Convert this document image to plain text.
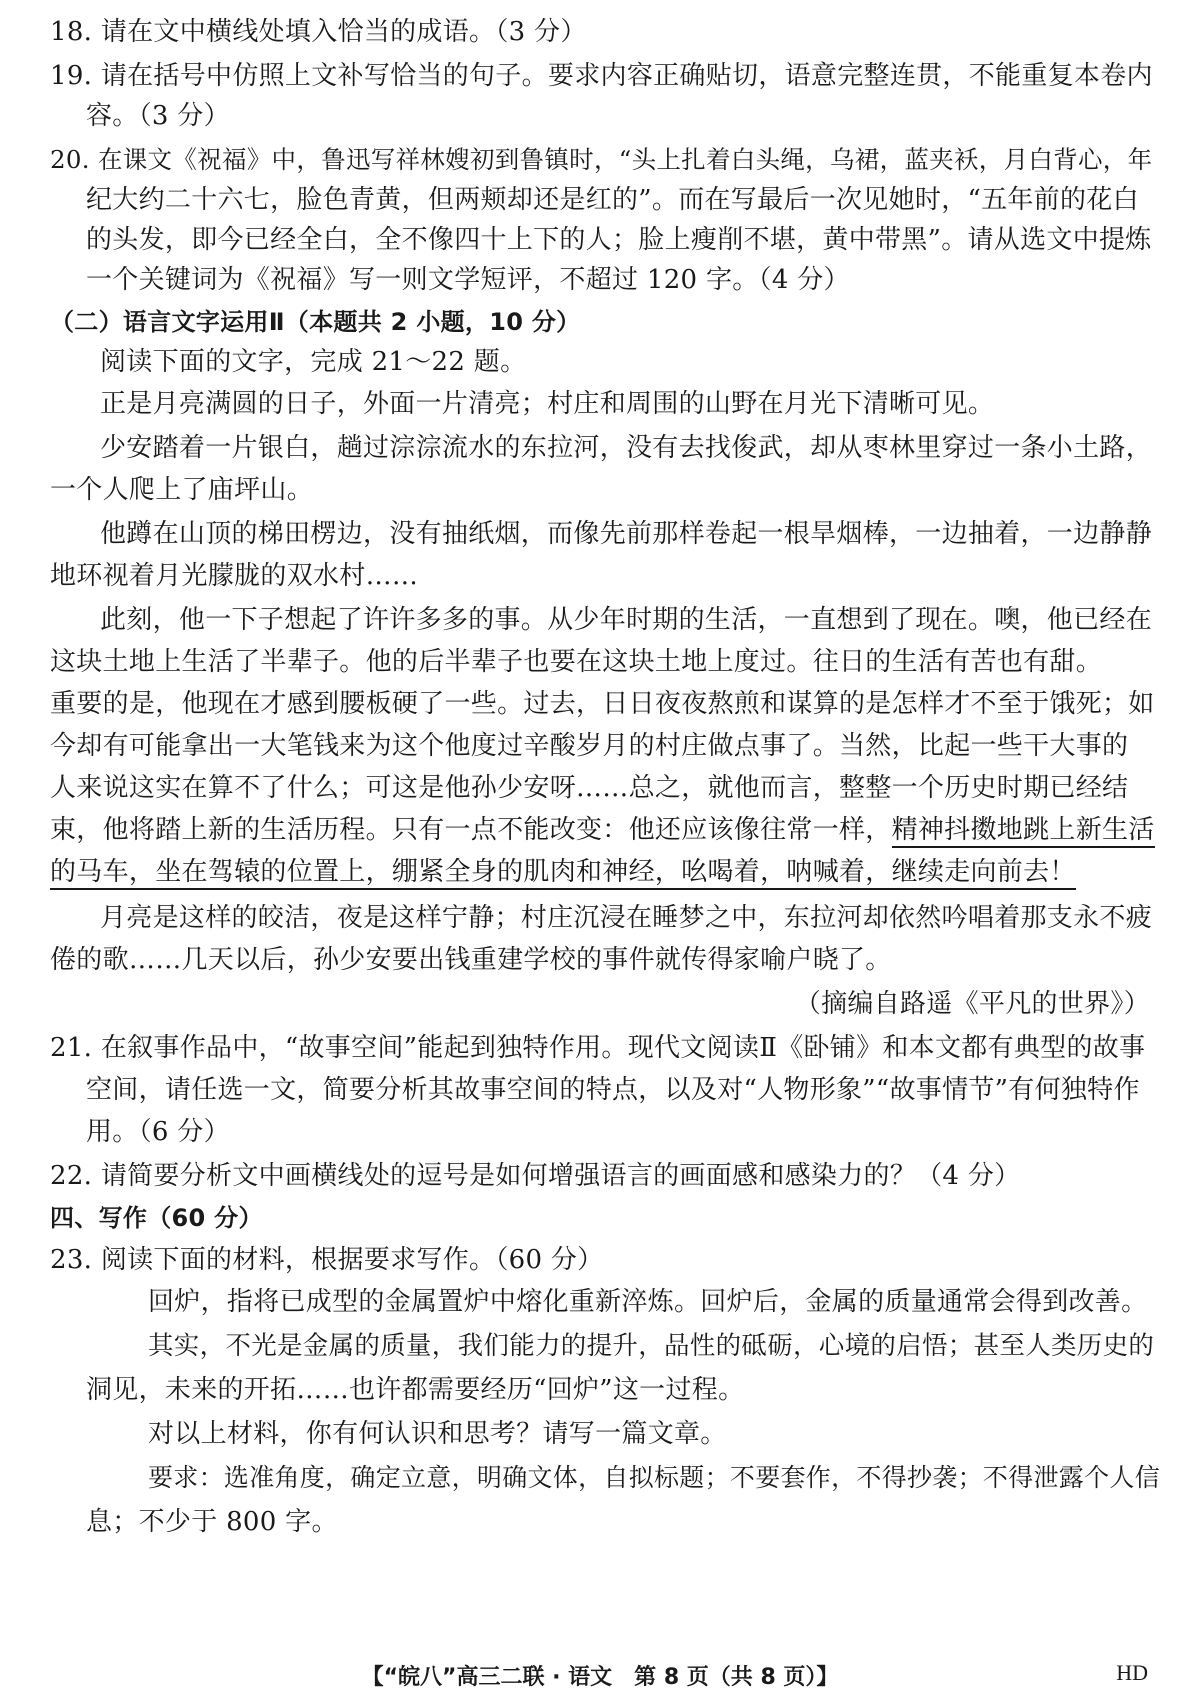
18. 请在文中横线处填入恰当的成语。（3 分）
19. 请在括号中仿照上文补写恰当的句子。要求内容正确贴切，语意完整连贯，不能重复本卷内
容。（3 分）
20. 在课文《祝福》中，鲁迅写祥林嫂初到鲁镇时，“头上扎着白头绳，乌裙，蓝夹袄，月白背心，年
纪大约二十六七，脸色青黄，但两颊却还是红的”。而在写最后一次见她时，“五年前的花白
的头发，即今已经全白，全不像四十上下的人；脸上瘦削不堪，黄中带黑”。请从选文中提炼
一个关键词为《祝福》写一则文学短评，不超过 120 字。（4 分）
（二）语言文字运用Ⅱ（本题共 2 小题，10 分）
阅读下面的文字，完成 21～22 题。
正是月亮满圆的日子，外面一片清亮；村庄和周围的山野在月光下清晰可见。
少安踏着一片银白，趟过淙淙流水的东拉河，没有去找俊武，却从枣林里穿过一条小土路，
一个人爬上了庙坪山。
他蹲在山顶的梯田楞边，没有抽纸烟，而像先前那样卷起一根旱烟棒，一边抽着，一边静静
地环视着月光朦胧的双水村……
此刻，他一下子想起了许许多多的事。从少年时期的生活，一直想到了现在。噢，他已经在
这块土地上生活了半辈子。他的后半辈子也要在这块土地上度过。往日的生活有苦也有甜。
重要的是，他现在才感到腰板硬了一些。过去，日日夜夜熬煎和谋算的是怎样才不至于饿死；如
今却有可能拿出一大笔钱来为这个他度过辛酸岁月的村庄做点事了。当然，比起一些干大事的
人来说这实在算不了什么；可这是他孙少安呀……总之，就他而言，整整一个历史时期已经结
束，他将踏上新的生活历程。只有一点不能改变：他还应该像往常一样，精神抖擞地跳上新生活
的马车，坐在驾辕的位置上，绷紧全身的肌肉和神经，吆喝着，呐喊着，继续走向前去！
月亮是这样的皎洁，夜是这样宁静；村庄沉浸在睡梦之中，东拉河却依然吟唱着那支永不疲
倦的歌……几天以后，孙少安要出钱重建学校的事件就传得家喻户晓了。
（摘编自路遥《平凡的世界》）
21. 在叙事作品中，“故事空间”能起到独特作用。现代文阅读Ⅱ《卧铺》和本文都有典型的故事
空间，请任选一文，简要分析其故事空间的特点，以及对“人物形象”“故事情节”有何独特作
用。（6 分）
22. 请简要分析文中画横线处的逗号是如何增强语言的画面感和感染力的？（4 分）
四、写作（60 分）
23. 阅读下面的材料，根据要求写作。（60 分）
回炉，指将已成型的金属置炉中熔化重新淬炼。回炉后，金属的质量通常会得到改善。
其实，不光是金属的质量，我们能力的提升，品性的砥砺，心境的启悟；甚至人类历史的
洞见，未来的开拓……也许都需要经历“回炉”这一过程。
对以上材料，你有何认识和思考？请写一篇文章。
要求：选准角度，确定立意，明确文体，自拟标题；不要套作，不得抄袭；不得泄露个人信
息；不少于 800 字。
【“皖八”高三二联 · 语文　第 8 页（共 8 页）】	HD
